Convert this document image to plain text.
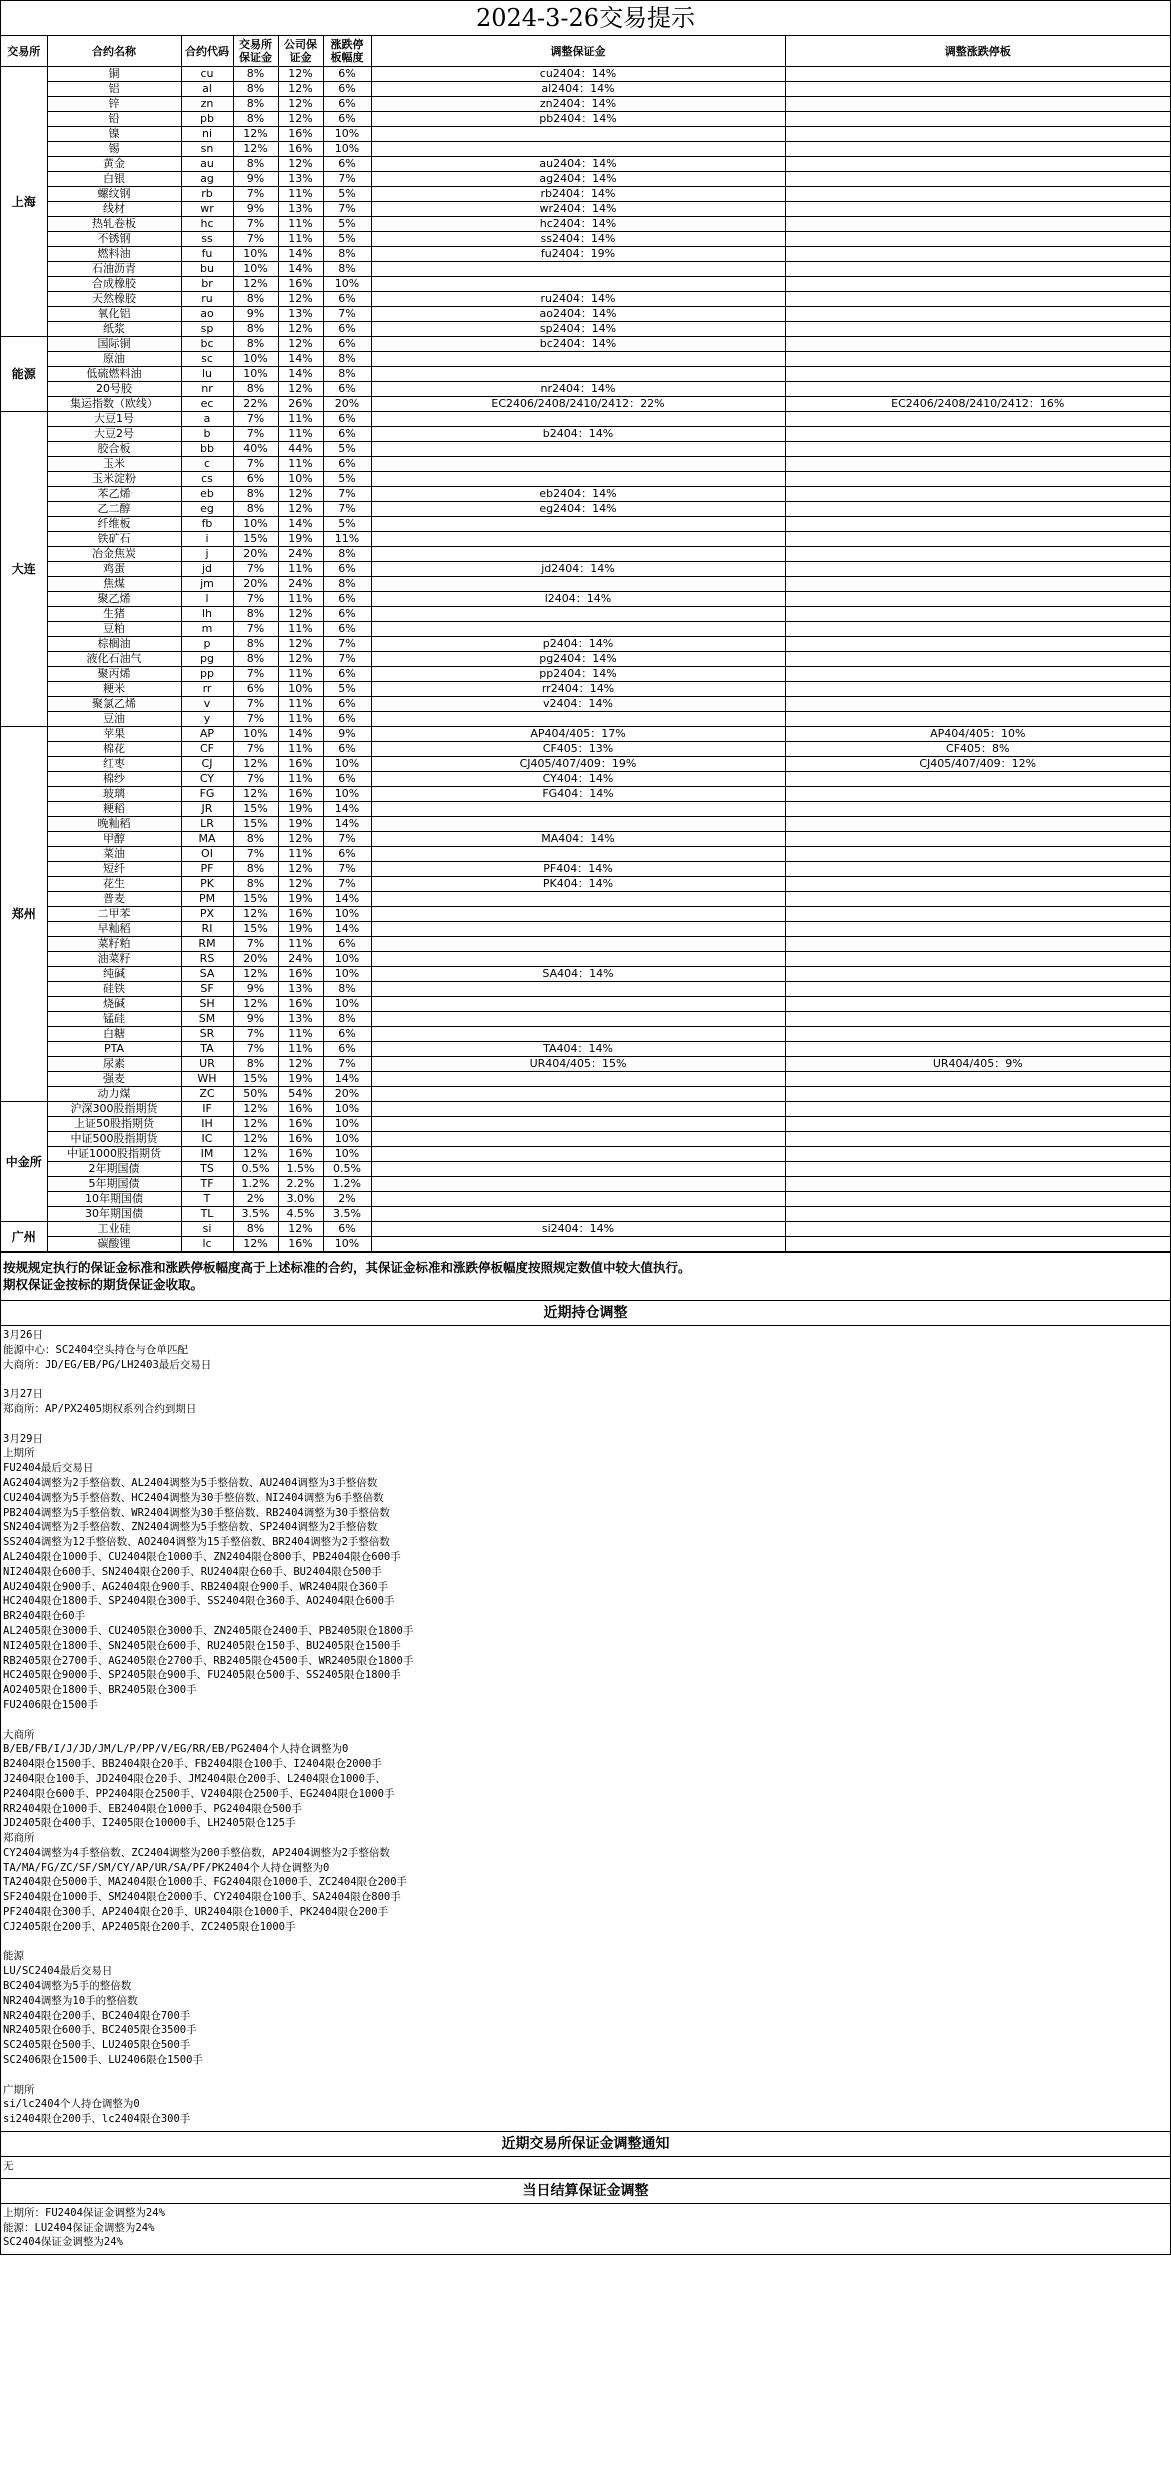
2024-3-26交易提示
交易所	合约名称	合约代码	交易所保证金	公司保证金	涨跌停板幅度	调整保证金	调整涨跌停板
上海	铜	cu	8%	12%	6%	cu2404：14%	
	铝	al	8%	12%	6%	al2404：14%	
	锌	zn	8%	12%	6%	zn2404：14%	
	铅	pb	8%	12%	6%	pb2404：14%	
	镍	ni	12%	16%	10%		
	锡	sn	12%	16%	10%		
	黄金	au	8%	12%	6%	au2404：14%	
	白银	ag	9%	13%	7%	ag2404：14%	
	螺纹钢	rb	7%	11%	5%	rb2404：14%	
	线材	wr	9%	13%	7%	wr2404：14%	
	热轧卷板	hc	7%	11%	5%	hc2404：14%	
	不锈钢	ss	7%	11%	5%	ss2404：14%	
	燃料油	fu	10%	14%	8%	fu2404：19%	
	石油沥青	bu	10%	14%	8%		
	合成橡胶	br	12%	16%	10%		
	天然橡胶	ru	8%	12%	6%	ru2404：14%	
	氧化铝	ao	9%	13%	7%	ao2404：14%	
	纸浆	sp	8%	12%	6%	sp2404：14%	
能源	国际铜	bc	8%	12%	6%	bc2404：14%	
	原油	sc	10%	14%	8%		
	低硫燃料油	lu	10%	14%	8%		
	20号胶	nr	8%	12%	6%	nr2404：14%	
	集运指数（欧线）	ec	22%	26%	20%	EC2406/2408/2410/2412：22%	EC2406/2408/2410/2412：16%
大连	大豆1号	a	7%	11%	6%		
	大豆2号	b	7%	11%	6%	b2404：14%	
	胶合板	bb	40%	44%	5%		
	玉米	c	7%	11%	6%		
	玉米淀粉	cs	6%	10%	5%		
	苯乙烯	eb	8%	12%	7%	eb2404：14%	
	乙二醇	eg	8%	12%	7%	eg2404：14%	
	纤维板	fb	10%	14%	5%		
	铁矿石	i	15%	19%	11%		
	冶金焦炭	j	20%	24%	8%		
	鸡蛋	jd	7%	11%	6%	jd2404：14%	
	焦煤	jm	20%	24%	8%		
	聚乙烯	l	7%	11%	6%	l2404：14%	
	生猪	lh	8%	12%	6%		
	豆粕	m	7%	11%	6%		
	棕榈油	p	8%	12%	7%	p2404：14%	
	液化石油气	pg	8%	12%	7%	pg2404：14%	
	聚丙烯	pp	7%	11%	6%	pp2404：14%	
	粳米	rr	6%	10%	5%	rr2404：14%	
	聚氯乙烯	v	7%	11%	6%	v2404：14%	
	豆油	y	7%	11%	6%		
郑州	苹果	AP	10%	14%	9%	AP404/405：17%	AP404/405：10%
	棉花	CF	7%	11%	6%	CF405：13%	CF405：8%
	红枣	CJ	12%	16%	10%	CJ405/407/409：19%	CJ405/407/409：12%
	棉纱	CY	7%	11%	6%	CY404：14%	
	玻璃	FG	12%	16%	10%	FG404：14%	
	粳稻	JR	15%	19%	14%		
	晚籼稻	LR	15%	19%	14%		
	甲醇	MA	8%	12%	7%	MA404：14%	
	菜油	OI	7%	11%	6%		
	短纤	PF	8%	12%	7%	PF404：14%	
	花生	PK	8%	12%	7%	PK404：14%	
	普麦	PM	15%	19%	14%		
	二甲苯	PX	12%	16%	10%		
	早籼稻	RI	15%	19%	14%		
	菜籽粕	RM	7%	11%	6%		
	油菜籽	RS	20%	24%	10%		
	纯碱	SA	12%	16%	10%	SA404：14%	
	硅铁	SF	9%	13%	8%		
	烧碱	SH	12%	16%	10%		
	锰硅	SM	9%	13%	8%		
	白糖	SR	7%	11%	6%		
	PTA	TA	7%	11%	6%	TA404：14%	
	尿素	UR	8%	12%	7%	UR404/405：15%	UR404/405：9%
	强麦	WH	15%	19%	14%		
	动力煤	ZC	50%	54%	20%		
中金所	沪深300股指期货	IF	12%	16%	10%		
	上证50股指期货	IH	12%	16%	10%		
	中证500股指期货	IC	12%	16%	10%		
	中证1000股指期货	IM	12%	16%	10%		
	2年期国债	TS	0.5%	1.5%	0.5%		
	5年期国债	TF	1.2%	2.2%	1.2%		
	10年期国债	T	2%	3.0%	2%		
	30年期国债	TL	3.5%	4.5%	3.5%		
广州	工业硅	si	8%	12%	6%	si2404：14%	
	碳酸锂	lc	12%	16%	10%		
按规规定执行的保证金标准和涨跌停板幅度高于上述标准的合约，其保证金标准和涨跌停板幅度按照规定数值中较大值执行。
期权保证金按标的期货保证金收取。
近期持仓调整
3月26日
能源中心：SC2404空头持仓与仓单匹配
大商所：JD/EG/EB/PG/LH2403最后交易日
3月27日
郑商所：AP/PX2405期权系列合约到期日
3月29日
上期所
FU2404最后交易日
AG2404调整为2手整倍数、AL2404调整为5手整倍数、AU2404调整为3手整倍数
CU2404调整为5手整倍数、HC2404调整为30手整倍数、NI2404调整为6手整倍数
PB2404调整为5手整倍数、WR2404调整为30手整倍数、RB2404调整为30手整倍数
SN2404调整为2手整倍数、ZN2404调整为5手整倍数、SP2404调整为2手整倍数
SS2404调整为12手整倍数、AO2404调整为15手整倍数、BR2404调整为2手整倍数
AL2404限仓1000手、CU2404限仓1000手、ZN2404限仓800手、PB2404限仓600手
NI2404限仓600手、SN2404限仓200手、RU2404限仓60手、BU2404限仓500手
AU2404限仓900手、AG2404限仓900手、RB2404限仓900手、WR2404限仓360手
HC2404限仓1800手、SP2404限仓300手、SS2404限仓360手、AO2404限仓600手
BR2404限仓60手
AL2405限仓3000手、CU2405限仓3000手、ZN2405限仓2400手、PB2405限仓1800手
NI2405限仓1800手、SN2405限仓600手、RU2405限仓150手、BU2405限仓1500手
RB2405限仓2700手、AG2405限仓2700手、RB2405限仓4500手、WR2405限仓1800手
HC2405限仓9000手、SP2405限仓900手、FU2405限仓500手、SS2405限仓1800手
AO2405限仓1800手、BR2405限仓300手
FU2406限仓1500手
大商所
B/EB/FB/I/J/JD/JM/L/P/PP/V/EG/RR/EB/PG2404个人持仓调整为0
B2404限仓1500手、BB2404限仓20手、FB2404限仓100手、I2404限仓2000手
J2404限仓100手、JD2404限仓20手、JM2404限仓200手、L2404限仓1000手、
P2404限仓600手、PP2404限仓2500手、V2404限仓2500手、EG2404限仓1000手
RR2404限仓1000手、EB2404限仓1000手、PG2404限仓500手
JD2405限仓400手、I2405限仓10000手、LH2405限仓125手
郑商所
CY2404调整为4手整倍数、ZC2404调整为200手整倍数，AP2404调整为2手整倍数
TA/MA/FG/ZC/SF/SM/CY/AP/UR/SA/PF/PK2404个人持仓调整为0
TA2404限仓5000手、MA2404限仓1000手、FG2404限仓1000手、ZC2404限仓200手
SF2404限仓1000手、SM2404限仓2000手、CY2404限仓100手、SA2404限仓800手
PF2404限仓300手、AP2404限仓20手、UR2404限仓1000手、PK2404限仓200手
CJ2405限仓200手、AP2405限仓200手、ZC2405限仓1000手
能源
LU/SC2404最后交易日
BC2404调整为5手的整倍数
NR2404调整为10手的整倍数
NR2404限仓200手、BC2404限仓700手
NR2405限仓600手、BC2405限仓3500手
SC2405限仓500手、LU2405限仓500手
SC2406限仓1500手、LU2406限仓1500手
广期所
si/lc2404个人持仓调整为0
si2404限仓200手、lc2404限仓300手
近期交易所保证金调整通知
无
当日结算保证金调整
上期所：FU2404保证金调整为24%
能源：LU2404保证金调整为24%
SC2404保证金调整为24%
